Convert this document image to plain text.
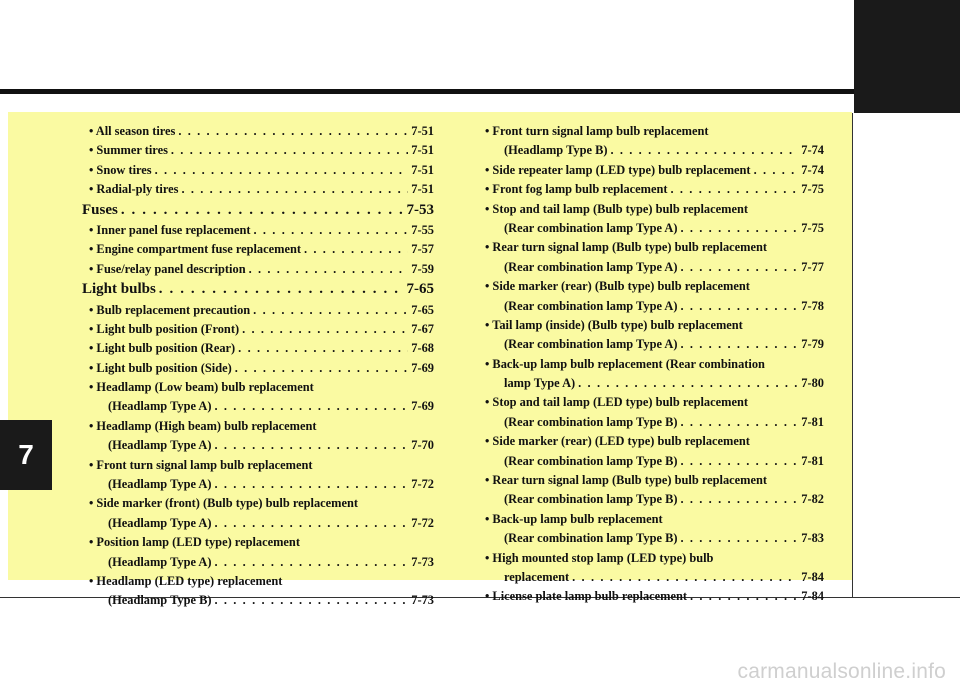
7
• All season tires . . .	7-51
• Summer tires . . .	7-51
• Snow tires . . .	7-51
• Radial-ply tires . . .	7-51
Fuses . . .	7-53
• Inner panel fuse replacement . . .	7-55
• Engine compartment fuse replacement . . .	7-57
• Fuse/relay panel description . . .	7-59
Light bulbs . . .	7-65
• Bulb replacement precaution . . .	7-65
• Light bulb position (Front) . . .	7-67
• Light bulb position (Rear) . . .	7-68
• Light bulb position (Side) . . .	7-69
• Headlamp (Low beam) bulb replacement
(Headlamp Type A) . . .	7-69
• Headlamp (High beam) bulb replacement
(Headlamp Type A) . . .	7-70
• Front turn signal lamp bulb replacement
(Headlamp Type A) . . .	7-72
• Side marker (front) (Bulb type) bulb replacement
(Headlamp Type A) . . .	7-72
• Position lamp (LED type) replacement
(Headlamp Type A) . . .	7-73
• Headlamp (LED type) replacement
(Headlamp Type B) . . .	7-73
• Front turn signal lamp bulb replacement
(Headlamp Type B) . . .	7-74
• Side repeater lamp (LED type) bulb replacement . . .	7-74
• Front fog lamp bulb replacement . . .	7-75
• Stop and tail lamp (Bulb type) bulb replacement
(Rear combination lamp Type A) . . .	7-75
• Rear turn signal lamp (Bulb type) bulb replacement
(Rear combination lamp Type A) . . .	7-77
• Side marker (rear) (Bulb type) bulb replacement
(Rear combination lamp Type A) . . .	7-78
• Tail lamp (inside) (Bulb type) bulb replacement
(Rear combination lamp Type A) . . .	7-79
• Back-up lamp bulb replacement (Rear combination
lamp Type A) . . .	7-80
• Stop and tail lamp (LED type) bulb replacement
(Rear combination lamp Type B) . . .	7-81
• Side marker (rear) (LED type) bulb replacement
(Rear combination lamp Type B) . . .	7-81
• Rear turn signal lamp (Bulb type) bulb replacement
(Rear combination lamp Type B) . . .	7-82
• Back-up lamp bulb replacement
(Rear combination lamp Type B) . . .	7-83
• High mounted stop lamp (LED type) bulb
replacement . . .	7-84
• License plate lamp bulb replacement . . .	7-84
carmanualsonline.info
